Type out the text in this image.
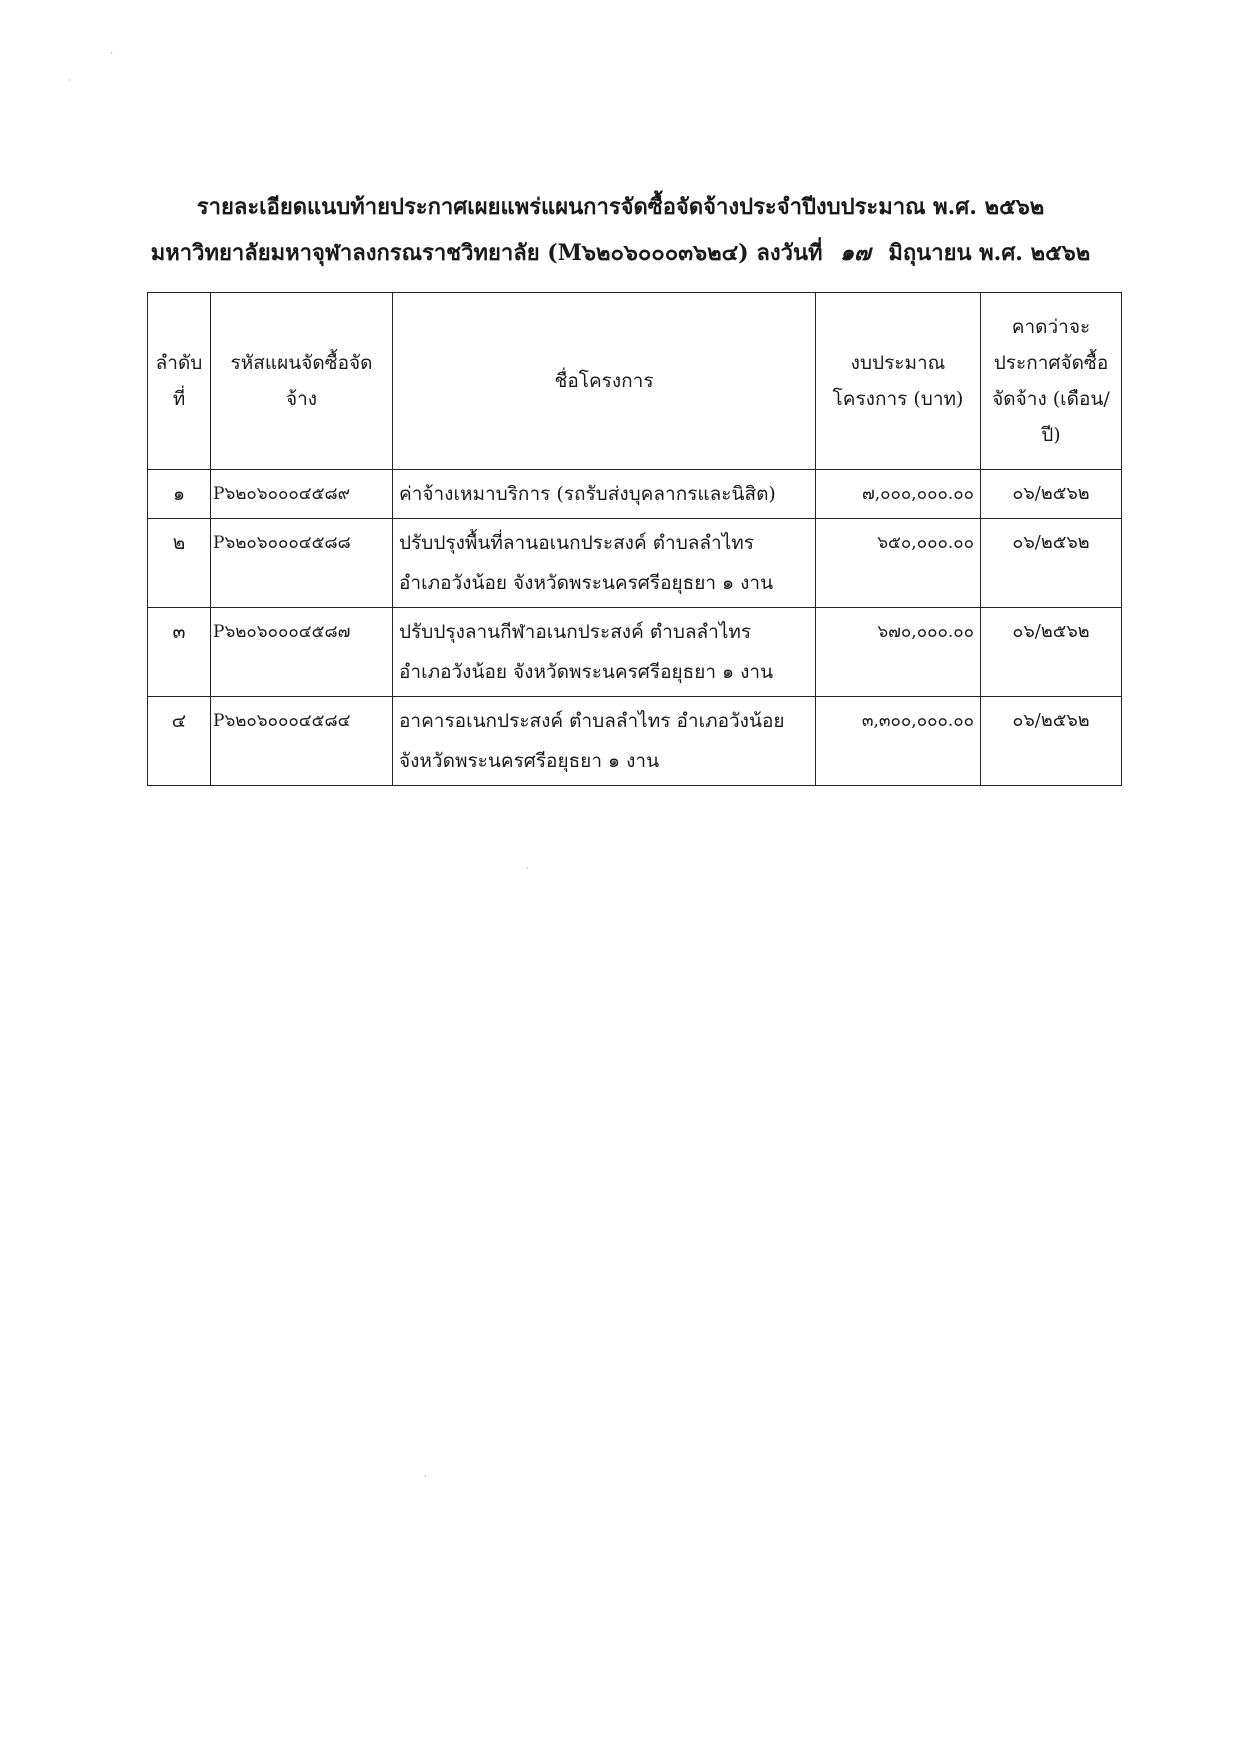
`
·
รายละเอียดแนบท้ายประกาศเผยแพร่แผนการจัดซื้อจัดจ้างประจำปีงบประมาณ พ.ศ. ๒๕๖๒
มหาวิทยาลัยมหาจุฬาลงกรณราชวิทยาลัย (M๖๒๐๖๐๐๐๓๖๒๔) ลงวันที่ ๑๗ มิถุนายน พ.ศ. ๒๕๖๒
ลำดับที่	รหัสแผนจัดซื้อจัดจ้าง	ชื่อโครงการ	งบประมาณโครงการ (บาท)	คาดว่าจะประกาศจัดซื้อจัดจ้าง (เดือน/ปี)
๑	P๖๒๐๖๐๐๐๔๕๘๙	ค่าจ้างเหมาบริการ (รถรับส่งบุคลากรและนิสิต)	๗,๐๐๐,๐๐๐.๐๐	๐๖/๒๕๖๒
๒	P๖๒๐๖๐๐๐๔๕๘๘	ปรับปรุงพื้นที่ลานอเนกประสงค์ ตำบลลำไทร อำเภอวังน้อย จังหวัดพระนครศรีอยุธยา ๑ งาน	๖๕๐,๐๐๐.๐๐	๐๖/๒๕๖๒
๓	P๖๒๐๖๐๐๐๔๕๘๗	ปรับปรุงลานกีฬาอเนกประสงค์ ตำบลลำไทร อำเภอวังน้อย จังหวัดพระนครศรีอยุธยา ๑ งาน	๖๗๐,๐๐๐.๐๐	๐๖/๒๕๖๒
๔	P๖๒๐๖๐๐๐๔๕๘๔	อาคารอเนกประสงค์ ตำบลลำไทร อำเภอวังน้อย จังหวัดพระนครศรีอยุธยา ๑ งาน	๓,๓๐๐,๐๐๐.๐๐	๐๖/๒๕๖๒
·
·
